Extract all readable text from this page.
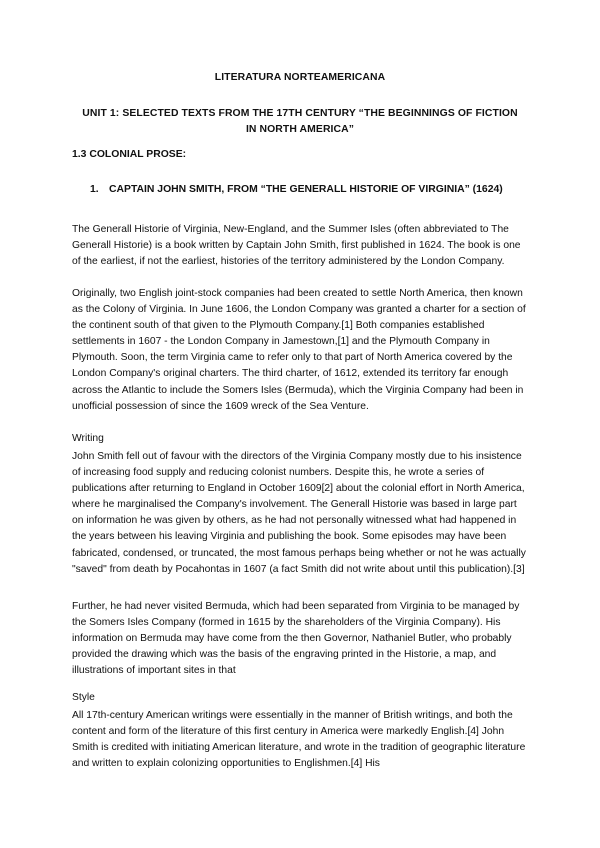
LITERATURA NORTEAMERICANA
UNIT 1: SELECTED TEXTS FROM THE 17TH CENTURY “THE BEGINNINGS OF FICTION IN NORTH AMERICA”
1.3 COLONIAL PROSE:
1. CAPTAIN JOHN SMITH, FROM “THE GENERALL HISTORIE OF VIRGINIA” (1624)
The Generall Historie of Virginia, New-England, and the Summer Isles (often abbreviated to The Generall Historie) is a book written by Captain John Smith, first published in 1624. The book is one of the earliest, if not the earliest, histories of the territory administered by the London Company.
Originally, two English joint-stock companies had been created to settle North America, then known as the Colony of Virginia. In June 1606, the London Company was granted a charter for a section of the continent south of that given to the Plymouth Company.[1] Both companies established settlements in 1607 - the London Company in Jamestown,[1] and the Plymouth Company in Plymouth. Soon, the term Virginia came to refer only to that part of North America covered by the London Company's original charters. The third charter, of 1612, extended its territory far enough across the Atlantic to include the Somers Isles (Bermuda), which the Virginia Company had been in unofficial possession of since the 1609 wreck of the Sea Venture.
Writing
John Smith fell out of favour with the directors of the Virginia Company mostly due to his insistence of increasing food supply and reducing colonist numbers. Despite this, he wrote a series of publications after returning to England in October 1609[2] about the colonial effort in North America, where he marginalised the Company's involvement. The Generall Historie was based in large part on information he was given by others, as he had not personally witnessed what had happened in the years between his leaving Virginia and publishing the book. Some episodes may have been fabricated, condensed, or truncated, the most famous perhaps being whether or not he was actually "saved" from death by Pocahontas in 1607 (a fact Smith did not write about until this publication).[3]
Further, he had never visited Bermuda, which had been separated from Virginia to be managed by the Somers Isles Company (formed in 1615 by the shareholders of the Virginia Company). His information on Bermuda may have come from the then Governor, Nathaniel Butler, who probably provided the drawing which was the basis of the engraving printed in the Historie, a map, and illustrations of important sites in that
Style
All 17th-century American writings were essentially in the manner of British writings, and both the content and form of the literature of this first century in America were markedly English.[4] John Smith is credited with initiating American literature, and wrote in the tradition of geographic literature and written to explain colonizing opportunities to Englishmen.[4] His
